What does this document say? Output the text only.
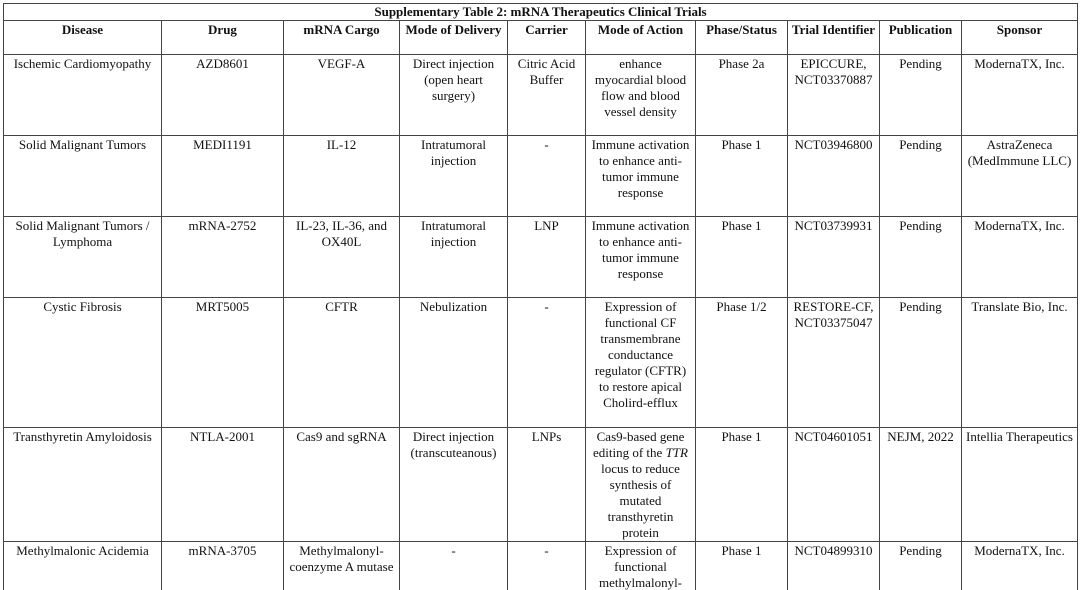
Supplementary Table 2: mRNA Therapeutics Clinical Trials
Disease	Drug	mRNA Cargo	Mode of Delivery	Carrier	Mode of Action	Phase/Status	Trial Identifier	Publication	Sponsor
Ischemic Cardiomyopathy	AZD8601	VEGF-A	Direct injection (open heart surgery)	Citric Acid Buffer	enhance myocardial blood flow and blood vessel density	Phase 2a	EPICCURE, NCT03370887	Pending	ModernaTX, Inc.
Solid Malignant Tumors	MEDI1191	IL-12	Intratumoral injection	-	Immune activation to enhance anti-tumor immune response	Phase 1	NCT03946800	Pending	AstraZeneca (MedImmune LLC)
Solid Malignant Tumors / Lymphoma	mRNA-2752	IL-23, IL-36, and OX40L	Intratumoral injection	LNP	Immune activation to enhance anti-tumor immune response	Phase 1	NCT03739931	Pending	ModernaTX, Inc.
Cystic Fibrosis	MRT5005	CFTR	Nebulization	-	Expression of functional CF transmembrane conductance regulator (CFTR) to restore apical Cholird-efflux	Phase 1/2	RESTORE-CF, NCT03375047	Pending	Translate Bio, Inc.
Transthyretin Amyloidosis	NTLA-2001	Cas9 and sgRNA	Direct injection (transcuteanous)	LNPs	Cas9-based gene editing of the TTR locus to reduce synthesis of mutated transthyretin protein	Phase 1	NCT04601051	NEJM, 2022	Intellia Therapeutics
Methylmalonic Acidemia	mRNA-3705	Methylmalonyl-coenzyme A mutase	-	-	Expression of functional methylmalonyl-	Phase 1	NCT04899310	Pending	ModernaTX, Inc.
